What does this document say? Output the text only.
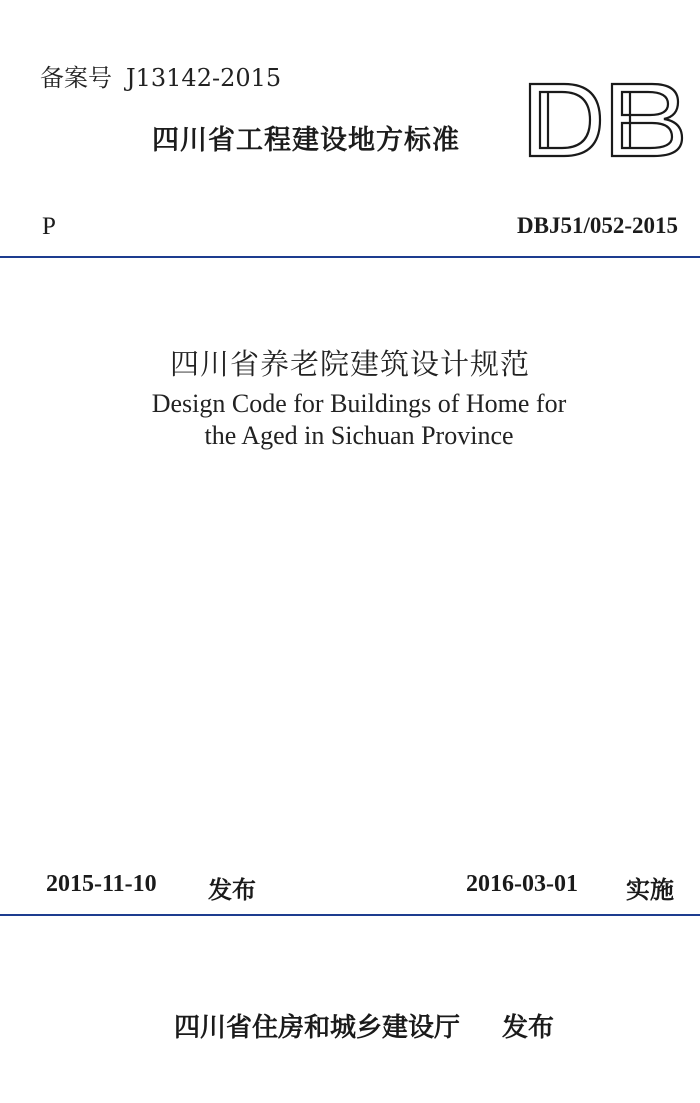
备案号 J13142-2015
四川省工程建设地方标准
P	DBJ51/052-2015
四川省养老院建筑设计规范
Design Code for Buildings of Home for
the Aged in Sichuan Province
2015-11-10 发布	2016-03-01 实施
四川省住房和城乡建设厅 发布
